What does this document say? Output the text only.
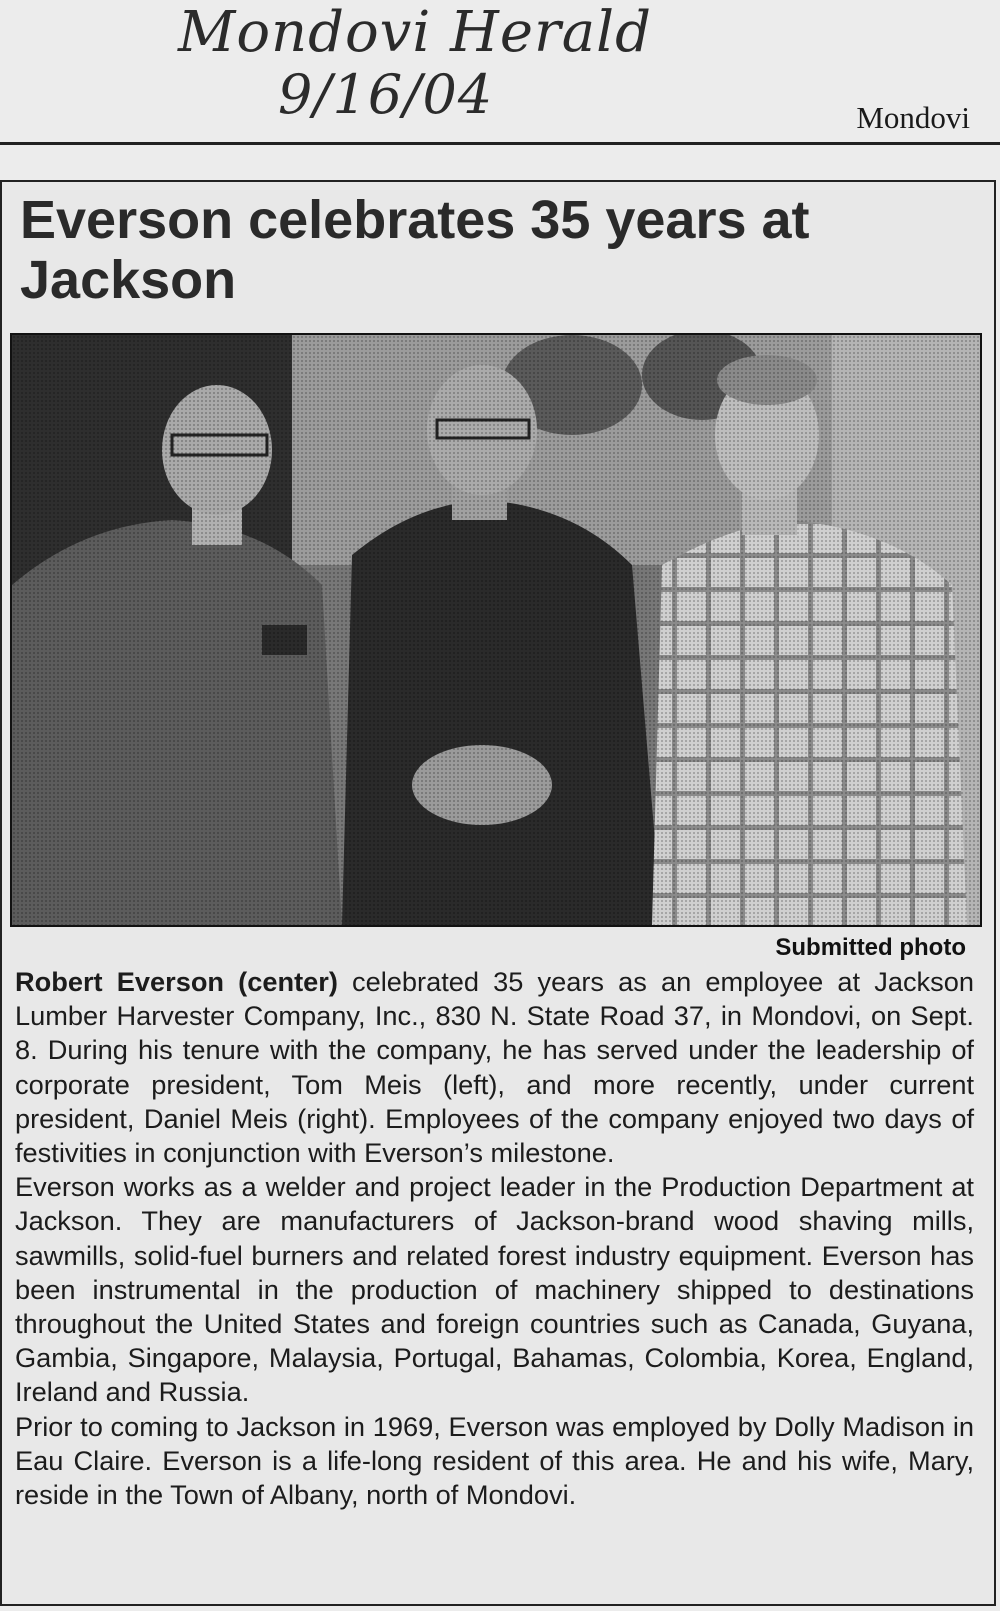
Mondovi Herald
9/16/04	Mondovi
Everson celebrates 35 years at Jackson
Submitted photo

Robert Everson (center) celebrated 35 years as an employee at Jackson Lumber Harvester Company, Inc., 830 N. State Road 37, in Mondovi, on Sept. 8. During his tenure with the company, he has served under the leadership of corporate president, Tom Meis (left), and more recently, under current president, Daniel Meis (right). Employees of the company enjoyed two days of festivities in conjunction with Everson’s milestone.

Everson works as a welder and project leader in the Production Department at Jackson. They are manufacturers of Jackson-brand wood shaving mills, sawmills, solid-fuel burners and related forest industry equipment. Everson has been instrumental in the production of machinery shipped to destinations throughout the United States and foreign countries such as Canada, Guyana, Gambia, Singapore, Malaysia, Portugal, Bahamas, Colombia, Korea, England, Ireland and Russia.

Prior to coming to Jackson in 1969, Everson was employed by Dolly Madison in Eau Claire. Everson is a life-long resident of this area. He and his wife, Mary, reside in the Town of Albany, north of Mondovi.
